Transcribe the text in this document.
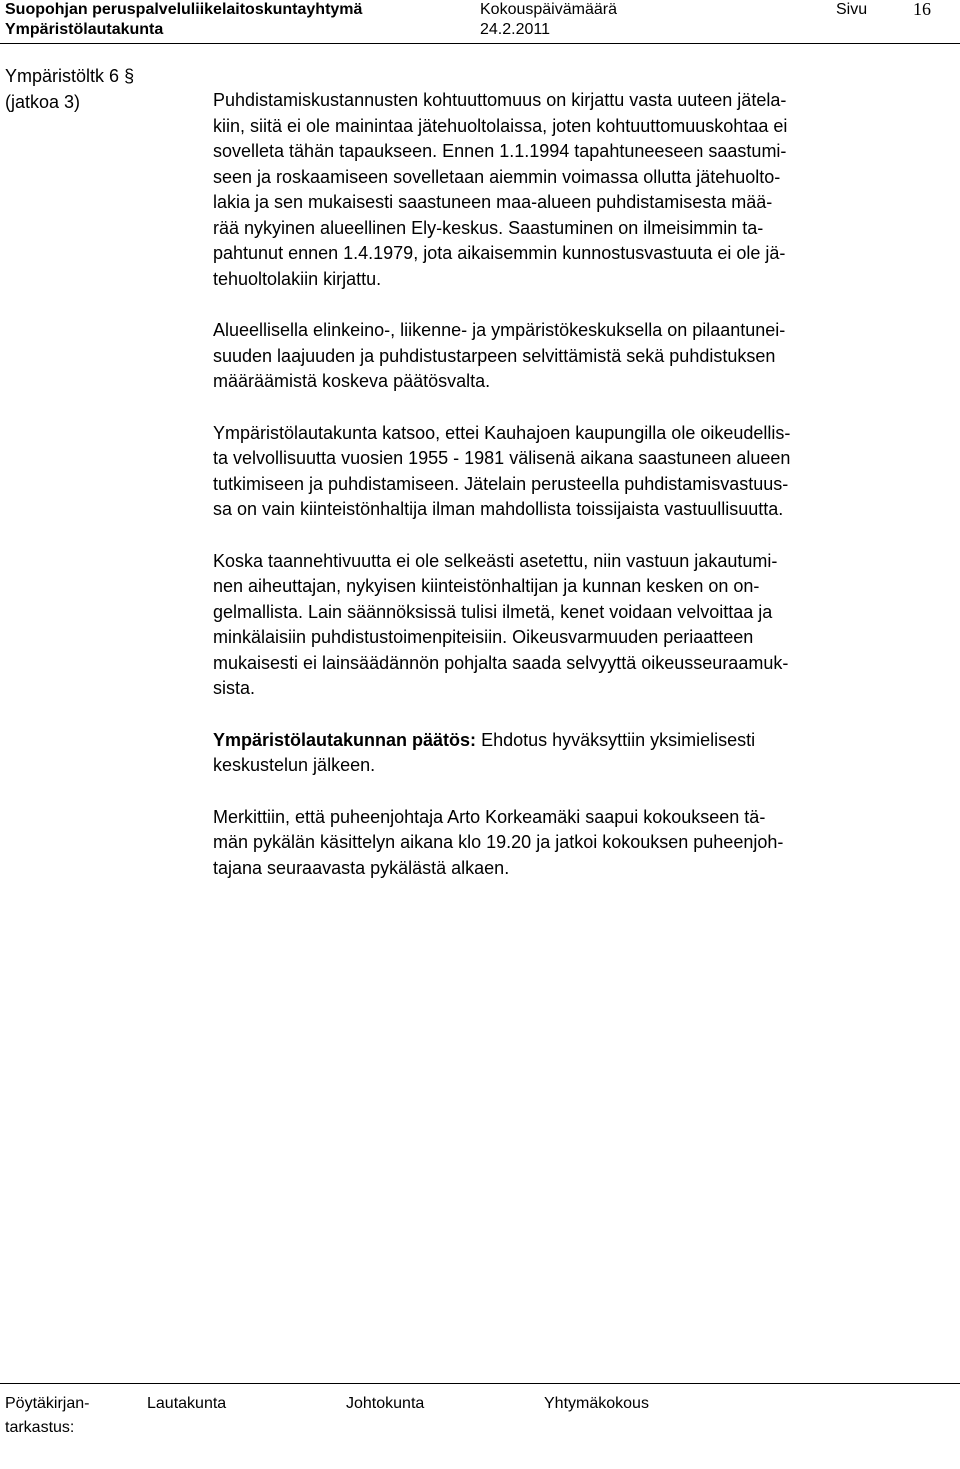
Suopohjan peruspalveluliikelaitoskuntayhtymä
Ympäristölautakunta
Kokouspäivämäärä
24.2.2011
Sivu	16
Ympäristöltk 6 §
(jatkoa 3)	Puhdistamiskustannusten kohtuuttomuus on kirjattu vasta uuteen jätela-
kiin, siitä ei ole mainintaa jätehuoltolaissa, joten kohtuuttomuuskohtaa ei
sovelleta tähän tapaukseen. Ennen 1.1.1994 tapahtuneeseen saastumi-
seen ja roskaamiseen sovelletaan aiemmin voimassa ollutta jätehuolto-
lakia ja sen mukaisesti saastuneen maa-alueen puhdistamisesta mää-
rää nykyinen alueellinen Ely-keskus. Saastuminen on ilmeisimmin ta-
pahtunut ennen 1.4.1979, jota aikaisemmin kunnostusvastuuta ei ole jä-
tehuoltolakiin kirjattu.

Alueellisella elinkeino-, liikenne- ja ympäristökeskuksella on pilaantunei-
suuden laajuuden ja puhdistustarpeen selvittämistä sekä puhdistuksen
määräämistä koskeva päätösvalta.

Ympäristölautakunta katsoo, ettei Kauhajoen kaupungilla ole oikeudellis-
ta velvollisuutta vuosien 1955 - 1981 välisenä aikana saastuneen alueen
tutkimiseen ja puhdistamiseen. Jätelain perusteella puhdistamisvastuus-
sa on vain kiinteistönhaltija ilman mahdollista toissijaista vastuullisuutta.

Koska taannehtivuutta ei ole selkeästi asetettu, niin vastuun jakautumi-
nen aiheuttajan, nykyisen kiinteistönhaltijan ja kunnan kesken on on-
gelmallista. Lain säännöksissä tulisi ilmetä, kenet voidaan velvoittaa ja
minkälaisiin puhdistustoimenpiteisiin. Oikeusvarmuuden periaatteen
mukaisesti ei lainsäädännön pohjalta saada selvyyttä oikeusseuraamuk-
sista.

Ympäristölautakunnan päätös: Ehdotus hyväksyttiin yksimielisesti
keskustelun jälkeen.

Merkittiin, että puheenjohtaja Arto Korkeamäki saapui kokoukseen tä-
män pykälän käsittelyn aikana klo 19.20 ja jatkoi kokouksen puheenjoh-
tajana seuraavasta pykälästä alkaen.

Pöytäkirjan-
tarkastus:
Lautakunta	Johtokunta	Yhtymäkokous
